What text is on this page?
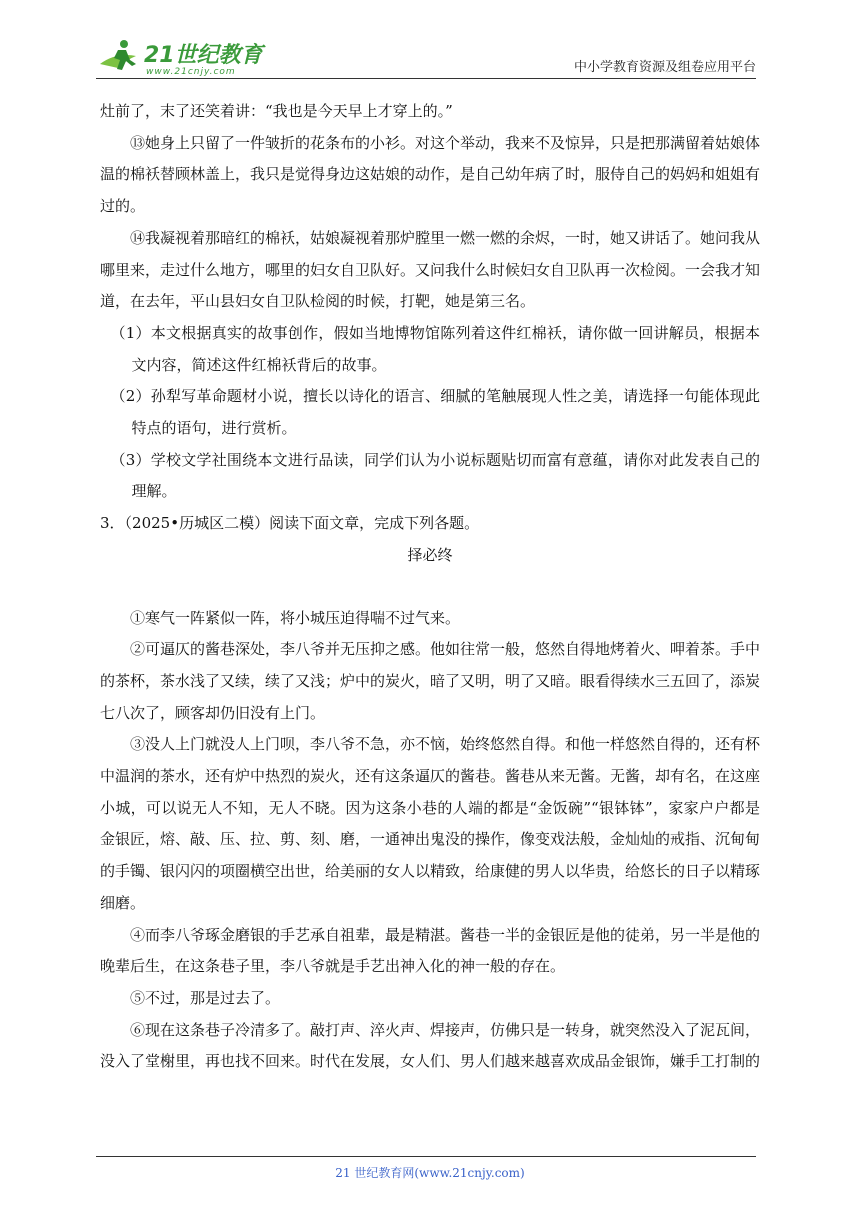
21世纪教育
www.21cnjy.com	中小学教育资源及组卷应用平台

灶前了，末了还笑着讲：“我也是今天早上才穿上的。”

⑬她身上只留了一件皱折的花条布的小衫。对这个举动，我来不及惊异，只是把那满留着姑娘体温的棉袄替顾林盖上，我只是觉得身边这姑娘的动作，是自己幼年病了时，服侍自己的妈妈和姐姐有过的。

⑭我凝视着那暗红的棉袄，姑娘凝视着那炉膛里一燃一燃的余烬，一时，她又讲话了。她问我从哪里来，走过什么地方，哪里的妇女自卫队好。又问我什么时候妇女自卫队再一次检阅。一会我才知道，在去年，平山县妇女自卫队检阅的时候，打靶，她是第三名。

（1）本文根据真实的故事创作，假如当地博物馆陈列着这件红棉袄，请你做一回讲解员，根据本文内容，简述这件红棉袄背后的故事。

（2）孙犁写革命题材小说，擅长以诗化的语言、细腻的笔触展现人性之美，请选择一句能体现此特点的语句，进行赏析。

（3）学校文学社围绕本文进行品读，同学们认为小说标题贴切而富有意蕴，请你对此发表自己的理解。

3．（2025•历城区二模）阅读下面文章，完成下列各题。

择必终

①寒气一阵紧似一阵，将小城压迫得喘不过气来。

②可逼仄的酱巷深处，李八爷并无压抑之感。他如往常一般，悠然自得地烤着火、呷着茶。手中的茶杯，茶水浅了又续，续了又浅；炉中的炭火，暗了又明，明了又暗。眼看得续水三五回了，添炭七八次了，顾客却仍旧没有上门。

③没人上门就没人上门呗，李八爷不急，亦不恼，始终悠然自得。和他一样悠然自得的，还有杯中温润的茶水，还有炉中热烈的炭火，还有这条逼仄的酱巷。酱巷从来无酱。无酱，却有名，在这座小城，可以说无人不知，无人不晓。因为这条小巷的人端的都是“金饭碗”“银钵钵”，家家户户都是金银匠，熔、敲、压、拉、剪、刻、磨，一通神出鬼没的操作，像变戏法般，金灿灿的戒指、沉甸甸的手镯、银闪闪的项圈横空出世，给美丽的女人以精致，给康健的男人以华贵，给悠长的日子以精琢细磨。

④而李八爷琢金磨银的手艺承自祖辈，最是精湛。酱巷一半的金银匠是他的徒弟，另一半是他的晚辈后生，在这条巷子里，李八爷就是手艺出神入化的神一般的存在。

⑤不过，那是过去了。

⑥现在这条巷子冷清多了。敲打声、淬火声、焊接声，仿佛只是一转身，就突然没入了泥瓦间，没入了堂榭里，再也找不回来。时代在发展，女人们、男人们越来越喜欢成品金银饰，嫌手工打制的

21 世纪教育网(www.21cnjy.com)
